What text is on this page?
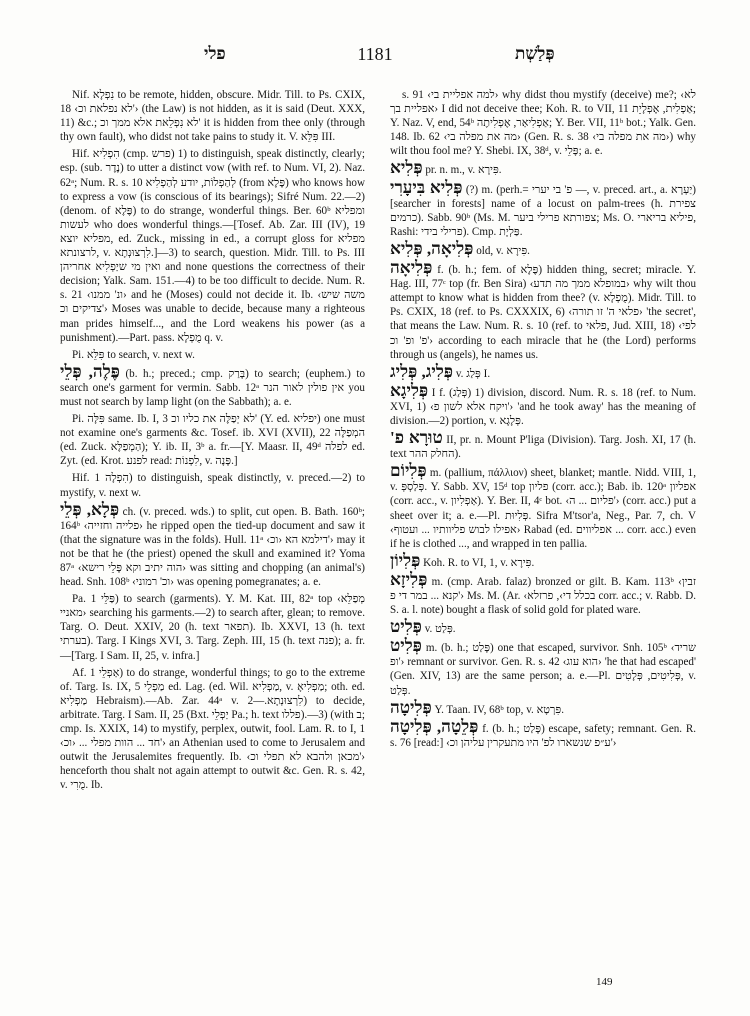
פלי	1181	פְּלַשְׁת

Nif. נִפְלָא to be remote, hidden, obscure. Midr. Till. to Ps. CXIX, 18 ‹לא נפלאת וכ'› (the Law) is not hidden, as it is said (Deut. XXX, 11) &c.; לא נִפְלֵאת אלא ממך וכ' it is hidden from thee only (through thy own fault), who didst not take pains to study it. V. פִּלֵּא III.

Hif. הִפְלִיא (cmp. פרש) 1) to distinguish, speak distinctly, clearly; esp. (sub. נֶדֶר) to utter a distinct vow (with ref. to Num. VI, 2). Naz. 62ᵃ; Num. R. s. 10 לְהַפְלוֹת, יודע לְהַפְלִיא (from פֶּלֶא) who knows how to express a vow (is conscious of its bearings); Sifré Num. 22.—2) (denom. of פֶּלֶא) to do strange, wonderful things. Ber. 60ᵇ ומפליא לעשות who does wonderful things.—[Tosef. Ab. Zar. III (IV), 19 מפליא יוצא, ed. Zuck., missing in ed., a corrupt gloss for מפליא לרצונתא, v. לִרְצוּנְתָא.]—3) to search, question. Midr. Till. to Ps. III ואין מי שיַפְלִיא אחריהן and none questions the correctness of their decision; Yalk. Sam. 151.—4) to be too difficult to decide. Num. R. s. 21 ‹ונ' ממנו› and he (Moses) could not decide it. Ib. ‹משה שיש צדיקים וכ'› Moses was unable to decide, because many a righteous man prides himself..., and the Lord weakens his power (as a punishment).—Part. pass. מֻפְלָא q. v.

Pi. פִּלֵּא to search, v. next w.

פֶּלֶה, פְּלֵי (b. h.; preced.; cmp. בָּרַק) to search; (euphem.) to search one's garment for vermin. Sabb. 12ᵃ אין פולין לאור הנר you must not search by lamp light (on the Sabbath); a. e.

Pi. פִּלָּה same. Ib. I, 3 לא יְפַלֶּה את כליו וכ' (Y. ed. יפליא) one must not examine one's garments &c. Tosef. ib. XVI (XVII), 22 המְפַלֶּה (ed. Zuck. הַמְפַלֶּא); Y. ib. II, 3ᵇ a. fr.—[Y. Maasr. II, 49ᵈ לפלה ed. Zyt. (ed. Krot. לפנע read: לִפְנוֹת, v. פָּנָה.]

Hif. הִפְלָה 1) to distinguish, speak distinctly, v. preced.—2) to mystify, v. next w.

פְּלָא, פְּלֵי ch. (v. preced. wds.) to split, cut open. B. Bath. 160ᵇ; 164ᵇ ‹פלייה וחזייה› he ripped open the tied-up document and saw it (that the signature was in the folds). Hull. 11ᵃ ‹דילמא הא ‹וכ'› may it not be that he (the priest) opened the skull and examined it? Yoma 87ᵃ ‹הוה יתיב וקא פָּלֵי רישא› was sitting and chopping (an animal's) head. Snh. 108ᵇ ‹וכ' רמוני› was opening pomegranates; a. e.

Pa. פַּלֵּי 1) to search (garments). Y. M. Kat. III, 82ᵃ top ‹מְפַלֵּא מאניי› searching his garments.—2) to search after, glean; to remove. Targ. O. Deut. XXIV, 20 (h. text תפאר). Ib. XXVI, 13 (h. text בערתי). Targ. I Kings XVI, 3. Targ. Zeph. III, 15 (h. text פנה); a. fr.—[Targ. I Sam. II, 25, v. infra.]

Af. אַפְלֵי 1) to do strange, wonderful things; to go to the extreme of. Targ. Is. IX, 5 מַפְלֵי ed. Lag. (ed. Wil. מַפְלִיא, v. מַפְלִיאָ; oth. ed. מַפְלִיא Hebraism).—Ab. Zar. 44ᵃ v. לִרְצוּנְתָא.—2) to decide, arbitrate. Targ. I Sam. II, 25 (Bxt. יַפְלֵי Pa.; h. text פללו).—3) (with ב; cmp. Is. XXIX, 14) to mystify, perplex, outwit, fool. Lam. R. to I, 1 ‹חד ... הוות מפלי ... ‹וכ'› an Athenian used to come to Jerusalem and outwit the Jerusalemites frequently. Ib. ‹מכאן ולהבא לא תפלי וכ'› henceforth thou shalt not again attempt to outwit &c. Gen. R. s. 42, v. מֻרִי. Ib.

s. 91 ‹למה אפליית בי› why didst thou mystify (deceive) me?; ‹לא אפליית בך› I did not deceive thee; Koh. R. to VII, 11 אַפְלִית, אֶפְלָיֵת; Y. Naz. V, end, 54ᵇ אַפְלִיאַר, אֶפְלִיתֶה; Y. Ber. VII, 11ᵇ bot.; Yalk. Gen. 148. Ib. 62 ‹מה את מפלה בי› (Gen. R. s. 38 ‹מה את מפלה בי›) why wilt thou fool me? Y. Shebi. IX, 38ᵈ, v. פָּלֵי; a. e.

פְּלִיא pr. n. m., v. פִּירָא.

פְּלִיא בִּיעָרִי (?) m. (perh.= פ' בי יערי —, v. preced. art., a. יַעְרָא) [searcher in forests] name of a locust on palm-trees (h. צפירת כרמים). Sabb. 90ᵇ (Ms. M. צפורתא פרילי ביער; Ms. O. פיליא בריארי, Rashi: פרילי בידי). Cmp. פַּלְיָת.

פְּלִיאָה, פְּלִיא old, v. פִּירָא.

פְּלִיאָה f. (b. h.; fem. of פֶּלֶא) hidden thing, secret; miracle. Y. Hag. III, 77ᶜ top (fr. Ben Sira) ‹במופלא ממך מה תדע› why wilt thou attempt to know what is hidden from thee? (v. מֻפְלָא). Midr. Till. to Ps. CXIX, 18 (ref. to Ps. CXXXIX, 6) ‹פלאי ה' זו תורה› 'the secret', that means the Law. Num. R. s. 10 (ref. to פלאי, Jud. XIII, 18) ‹לפי פ' ופ' וכ'› according to each miracle that he (the Lord) performs through us (angels), he names us.

פְּלִיג, פְּלִיג v. פְּלַג I.

פְּלִיגָא I f. (פְּלַג) 1) division, discord. Num. R. s. 18 (ref. to Num. XVI, 1) ‹ויקח אלא לשון פ'› 'and he took away' has the meaning of division.—2) portion, v. פְּלָגָא.

טוּרָא פ' II, pr. n. Mount P'liga (Division). Targ. Josh. XI, 17 (h. text החלק ההר).

פְּלִיוֹם m. (pallium, πάλλιον) sheet, blanket; mantle. Nidd. VIII, 1, v. פְּלַסְפְּ. Y. Sabb. XV, 15ᵈ top פליון (corr. acc.); Bab. ib. 120ᵃ אפליון (corr. acc., v. אַפְלִיון). Y. Ber. II, 4ᶜ bot. ‹פליום ... ה'› (corr. acc.) put a sheet over it; a. e.—Pl. פְּלִיוּת. Sifra M'tsor'a, Neg., Par. 7, ch. V ‹אפילו לבוש פליוותיו ... ועטוף› Rabad (ed. אפליווים ... corr. acc.) even if he is clothed ..., and wrapped in ten pallia.

פְּלִיוֹן Koh. R. to VI, 1, v. פִּירָא.

פְּלִיזָא m. (cmp. Arab. falaz) bronzed or gilt. B. Kam. 113ᵇ ‹זבין קנא ... במר די פ'› Ms. M. (Ar. ‹בכלל די›, פרזלא corr. acc.; v. Rabb. D. S. a. l. note) bought a flask of solid gold for plated ware.

פְּלִיט v. פְּלַט.

פְּלִיט m. (b. h.; פָּלַט) one that escaped, survivor. Snh. 105ᵇ ‹שריד ופ'› remnant or survivor. Gen. R. s. 42 ‹הוא עוג› 'he that had escaped' (Gen. XIV, 13) are the same person; a. e.—Pl. פְּלִיטִים, פְּלָטִים, v. פְּלַט.

פְּלִיטָה Y. Taan. IV, 68ᵇ top, v. פִּרְטָא.

פְּלֵטָה, פְּלִיטָה f. (b. h.; פָּלַט) escape, safety; remnant. Gen. R. s. 76 [read:] ‹ע״פ שנשארו לפ' היו מתעקרין עליהן וכ'›

149
